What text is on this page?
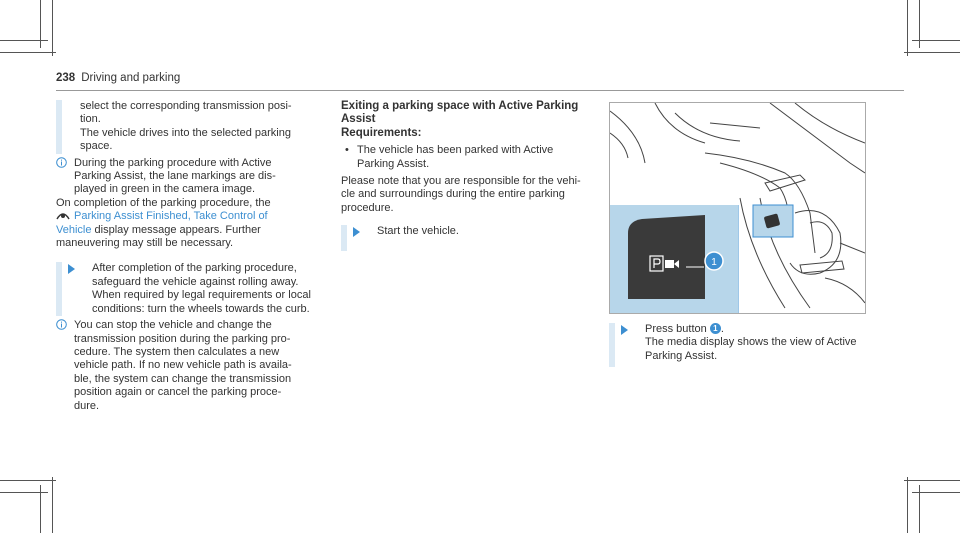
238 Driving and parking
select the corresponding transmission posi-
tion.
The vehicle drives into the selected parking
space.
During the parking procedure with Active
Parking Assist, the lane markings are dis-
played in green in the camera image.
On completion of the parking procedure, the
Parking Assist Finished, Take Control of
Vehicle display message appears. Further
maneuvering may still be necessary.
After completion of the parking procedure,
safeguard the vehicle against rolling away.
When required by legal requirements or local
conditions: turn the wheels towards the curb.
You can stop the vehicle and change the
transmission position during the parking pro-
cedure. The system then calculates a new
vehicle path. If no new vehicle path is availa-
ble, the system can change the transmission
position again or cancel the parking proce-
dure.
Exiting a parking space with Active Parking
Assist
Requirements:
• The vehicle has been parked with Active
Parking Assist.
Please note that you are responsible for the vehi-
cle and surroundings during the entire parking
procedure.
Start the vehicle.
1
Press button 1 .
The media display shows the view of Active
Parking Assist.
